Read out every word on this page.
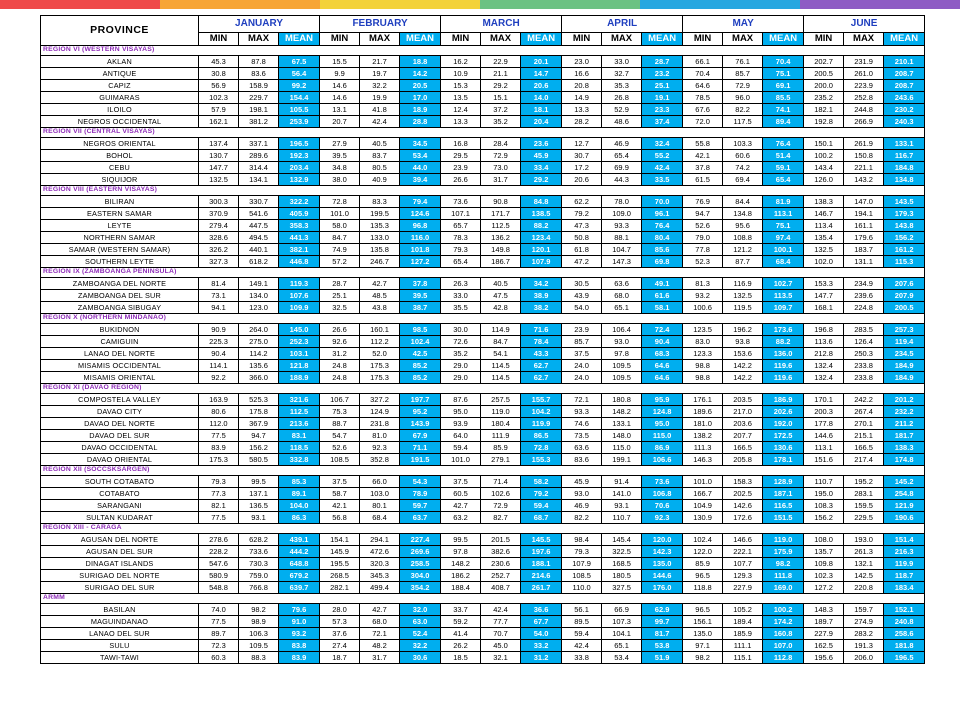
PROVINCE	JANUARY			FEBRUARY			MARCH			APRIL			MAY			JUNE		
	MIN	MAX	MEAN	MIN	MAX	MEAN	MIN	MAX	MEAN	MIN	MAX	MEAN	MIN	MAX	MEAN	MIN	MAX	MEAN
REGION VI (WESTERN VISAYAS)																		
AKLAN	45.3	87.8	67.5	15.5	21.7	18.8	16.2	22.9	20.1	23.0	33.0	28.7	66.1	76.1	70.4	202.7	231.9	210.1
ANTIQUE	30.8	83.6	56.4	9.9	19.7	14.2	10.9	21.1	14.7	16.6	32.7	23.2	70.4	85.7	75.1	200.5	261.0	208.7
CAPIZ	56.9	158.9	99.2	14.6	32.2	20.5	15.3	29.2	20.6	20.8	35.3	25.1	64.6	72.9	69.1	200.0	223.9	208.7
GUIMARAS	102.3	229.7	154.4	14.6	19.9	17.0	13.5	15.1	14.0	14.9	26.8	19.1	78.5	96.0	85.5	235.2	252.8	243.6
ILOILO	57.9	198.1	105.5	13.1	41.8	18.9	12.4	37.2	18.1	13.3	52.9	23.3	67.6	82.2	74.1	182.1	244.8	230.2
NEGROS OCCIDENTAL	162.1	381.2	253.9	20.7	42.4	28.8	13.3	35.2	20.4	28.2	48.6	37.4	72.0	117.5	89.4	192.8	266.9	240.3
REGION VII (CENTRAL VISAYAS)																		
NEGROS ORIENTAL	137.4	337.1	196.5	27.9	40.5	34.5	16.8	28.4	23.6	12.7	46.9	32.4	55.8	103.3	76.4	150.1	261.9	133.1
BOHOL	130.7	289.6	192.3	39.5	83.7	53.4	29.5	72.9	45.9	30.7	65.4	55.2	42.1	60.6	51.4	100.2	150.8	116.7
CEBU	147.7	314.4	203.4	34.8	80.5	44.0	23.9	73.0	33.4	17.2	69.9	42.4	37.8	74.2	59.1	143.4	221.1	184.8
SIQUIJOR	132.5	134.1	132.9	38.0	40.9	39.4	26.6	31.7	29.2	20.6	44.3	33.5	61.5	69.4	65.4	126.0	143.2	134.8
REGION VIII (EASTERN VISAYAS)																		
BILIRAN	300.3	330.7	322.2	72.8	83.3	79.4	73.6	90.8	84.8	62.2	78.0	70.0	76.9	84.4	81.9	138.3	147.0	143.5
EASTERN SAMAR	370.9	541.6	405.9	101.0	199.5	124.6	107.1	171.7	138.5	79.2	109.0	96.1	94.7	134.8	113.1	146.7	194.1	179.3
LEYTE	279.4	447.5	358.3	58.0	135.3	96.8	65.7	112.5	88.2	47.3	93.3	76.4	52.6	95.6	75.1	113.4	161.1	143.8
NORTHERN SAMAR	328.6	494.5	441.3	84.7	133.0	116.0	78.3	136.2	123.4	50.8	88.1	80.4	79.0	108.8	97.4	135.4	179.6	156.2
SAMAR (WESTERN SAMAR)	326.2	440.1	382.1	74.9	135.8	101.8	79.3	149.8	120.1	61.8	104.7	85.6	77.8	121.2	100.1	132.5	183.7	161.2
SOUTHERN LEYTE	327.3	618.2	446.8	57.2	246.7	127.2	65.4	186.7	107.9	47.2	147.3	69.8	52.3	87.7	68.4	102.0	131.1	115.3
REGION IX (ZAMBOANGA PENINSULA)																		
ZAMBOANGA DEL NORTE	81.4	149.1	119.3	28.7	42.7	37.8	26.3	40.5	34.2	30.5	63.6	49.1	81.3	116.9	102.7	153.3	234.9	207.6
ZAMBOANGA DEL SUR	73.1	134.0	107.6	25.1	48.5	39.5	33.0	47.5	38.9	43.9	68.0	61.6	93.2	132.5	113.5	147.7	239.6	207.9
ZAMBOANGA SIBUGAY	94.1	123.0	109.9	32.5	43.8	38.7	35.5	42.8	38.2	54.0	65.1	58.1	100.6	119.5	109.7	168.1	224.8	200.5
REGION X (NORTHERN MINDANAO)																		
BUKIDNON	90.9	264.0	145.0	26.6	160.1	98.5	30.0	114.9	71.6	23.9	106.4	72.4	123.5	196.2	173.6	196.8	283.5	257.3
CAMIGUIN	225.3	275.0	252.3	92.6	112.2	102.4	72.6	84.7	78.4	85.7	93.0	90.4	83.0	93.8	88.2	113.6	126.4	119.4
LANAO DEL NORTE	90.4	114.2	103.1	31.2	52.0	42.5	35.2	54.1	43.3	37.5	97.8	68.3	123.3	153.6	136.0	212.8	250.3	234.5
MISAMIS OCCIDENTAL	114.1	135.6	121.8	24.8	175.3	85.2	29.0	114.5	62.7	24.0	109.5	64.6	98.8	142.2	119.6	132.4	233.8	184.9
MISAMIS ORIENTAL	92.2	366.0	188.9	24.8	175.3	85.2	29.0	114.5	62.7	24.0	109.5	64.6	98.8	142.2	119.6	132.4	233.8	184.9
REGION XI (DAVAO REGION)																		
COMPOSTELA VALLEY	163.9	525.3	321.6	106.7	327.2	197.7	87.6	257.5	155.7	72.1	180.8	95.9	176.1	203.5	186.9	170.1	242.2	201.2
DAVAO CITY	80.6	175.8	112.5	75.3	124.9	95.2	95.0	119.0	104.2	93.3	148.2	124.8	189.6	217.0	202.6	200.3	267.4	232.2
DAVAO DEL NORTE	112.0	367.9	213.6	88.7	231.8	143.9	93.9	180.4	119.9	74.6	133.1	95.0	181.0	203.6	192.0	177.8	270.1	211.2
DAVAO DEL SUR	77.5	94.7	83.1	54.7	81.0	67.9	64.0	111.9	86.5	73.5	148.0	115.0	138.2	207.7	172.5	144.6	215.1	181.7
DAVAO OCCIDENTAL	83.9	156.2	118.5	52.6	92.3	71.1	59.4	85.9	72.8	63.6	115.0	86.9	111.3	166.5	130.6	113.1	166.5	138.3
DAVAO ORIENTAL	175.3	580.5	332.8	108.5	352.8	191.5	101.0	279.1	155.3	83.6	199.1	106.6	146.3	205.8	178.1	151.6	217.4	174.8
REGION XII (SOCCSKSARGEN)																		
SOUTH COTABATO	79.3	99.5	85.3	37.5	66.0	54.3	37.5	71.4	58.2	45.9	91.4	73.6	101.0	158.3	128.9	110.7	195.2	145.2
COTABATO	77.3	137.1	89.1	58.7	103.0	78.9	60.5	102.6	79.2	93.0	141.0	106.8	166.7	202.5	187.1	195.0	283.1	254.8
SARANGANI	82.1	136.5	104.0	42.1	80.1	59.7	42.7	72.9	59.4	46.9	93.1	70.6	104.9	142.6	116.5	108.3	159.5	121.9
SULTAN KUDARAT	77.5	93.1	86.3	56.8	68.4	63.7	63.2	82.7	68.7	82.2	110.7	92.3	130.9	172.6	151.5	156.2	229.5	190.6
REGION XIII - CARAGA																		
AGUSAN DEL NORTE	278.6	628.2	439.1	154.1	294.1	227.4	99.5	201.5	145.5	98.4	145.4	120.0	102.4	146.6	119.0	108.0	193.0	151.4
AGUSAN DEL SUR	228.2	733.6	444.2	145.9	472.6	269.6	97.8	382.6	197.6	79.3	322.5	142.3	122.0	222.1	175.9	135.7	261.3	216.3
DINAGAT ISLANDS	547.6	730.3	648.8	195.5	320.3	258.5	148.2	230.6	188.1	107.9	168.5	135.0	85.9	107.7	98.2	109.8	132.1	119.9
SURIGAO DEL NORTE	580.9	759.0	679.2	268.5	345.3	304.0	186.2	252.7	214.6	108.5	180.5	144.6	96.5	129.3	111.8	102.3	142.5	118.7
SURIGAO DEL SUR	548.8	766.8	639.7	282.1	499.4	354.2	188.4	408.7	261.7	110.0	327.5	176.0	118.8	227.9	169.0	127.2	220.8	183.4
ARMM																		
BASILAN	74.0	98.2	79.6	28.0	42.7	32.0	33.7	42.4	36.6	56.1	66.9	62.9	96.5	105.2	100.2	148.3	159.7	152.1
MAGUINDANAO	77.5	98.9	91.0	57.3	68.0	63.0	59.2	77.7	67.7	89.5	107.3	99.7	156.1	189.4	174.2	189.7	274.9	240.8
LANAO DEL SUR	89.7	106.3	93.2	37.6	72.1	52.4	41.4	70.7	54.0	59.4	104.1	81.7	135.0	185.9	160.8	227.9	283.2	258.6
SULU	72.3	109.5	83.8	27.4	48.2	32.2	26.2	45.0	33.2	42.4	65.1	53.8	97.1	111.1	107.0	162.5	191.3	181.8
TAWI-TAWI	60.3	88.3	83.9	18.7	31.7	30.6	18.5	32.1	31.2	33.8	53.4	51.9	98.2	115.1	112.8	195.6	206.0	196.5
